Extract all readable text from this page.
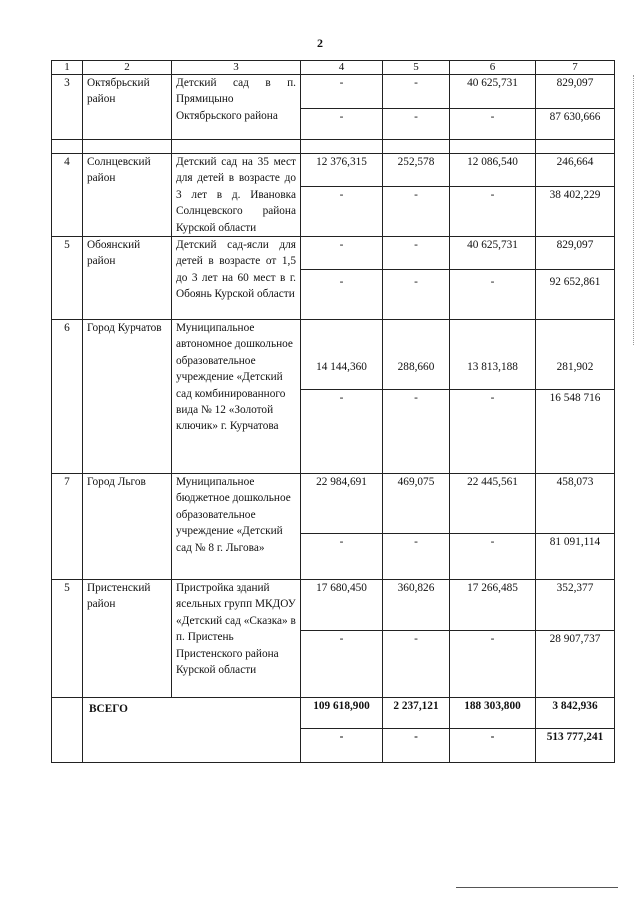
2
1	2	3	4	5	6	7
3	Октябрьский район	Детский сад в п. Прямицыно Октябрьского района	-	-	40 625,731	829,097
			-	-	-	87 630,666

4	Солнцевский район	Детский сад на 35 мест для детей в возрасте до 3 лет в д. Ивановка Солнцевского района Курской области	12 376,315	252,578	12 086,540	246,664
			-	-	-	38 402,229
5	Обоянский район	Детский сад-ясли для детей в возрасте от 1,5 до 3 лет на 60 мест в г. Обоянь Курской области	-	-	40 625,731	829,097
			-	-	-	92 652,861
6	Город Курчатов	Муниципальное автономное дошкольное образовательное учреждение «Детский сад комбинированного вида № 12 «Золотой ключик» г. Курчатова	14 144,360	288,660	13 813,188	281,902
			-	-	-	16 548 716
7	Город Льгов	Муниципальное бюджетное дошкольное образовательное учреждение «Детский сад № 8 г. Льгова»	22 984,691	469,075	22 445,561	458,073
			-	-	-	81 091,114
5	Пристенский район	Пристройка зданий ясельных групп МКДОУ «Детский сад «Сказка» в п. Пристень Пристенского района Курской области	17 680,450	360,826	17 266,485	352,377
			-	-	-	28 907,737
	ВСЕГО		109 618,900	2 237,121	188 303,800	3 842,936
			-	-	-	513 777,241
